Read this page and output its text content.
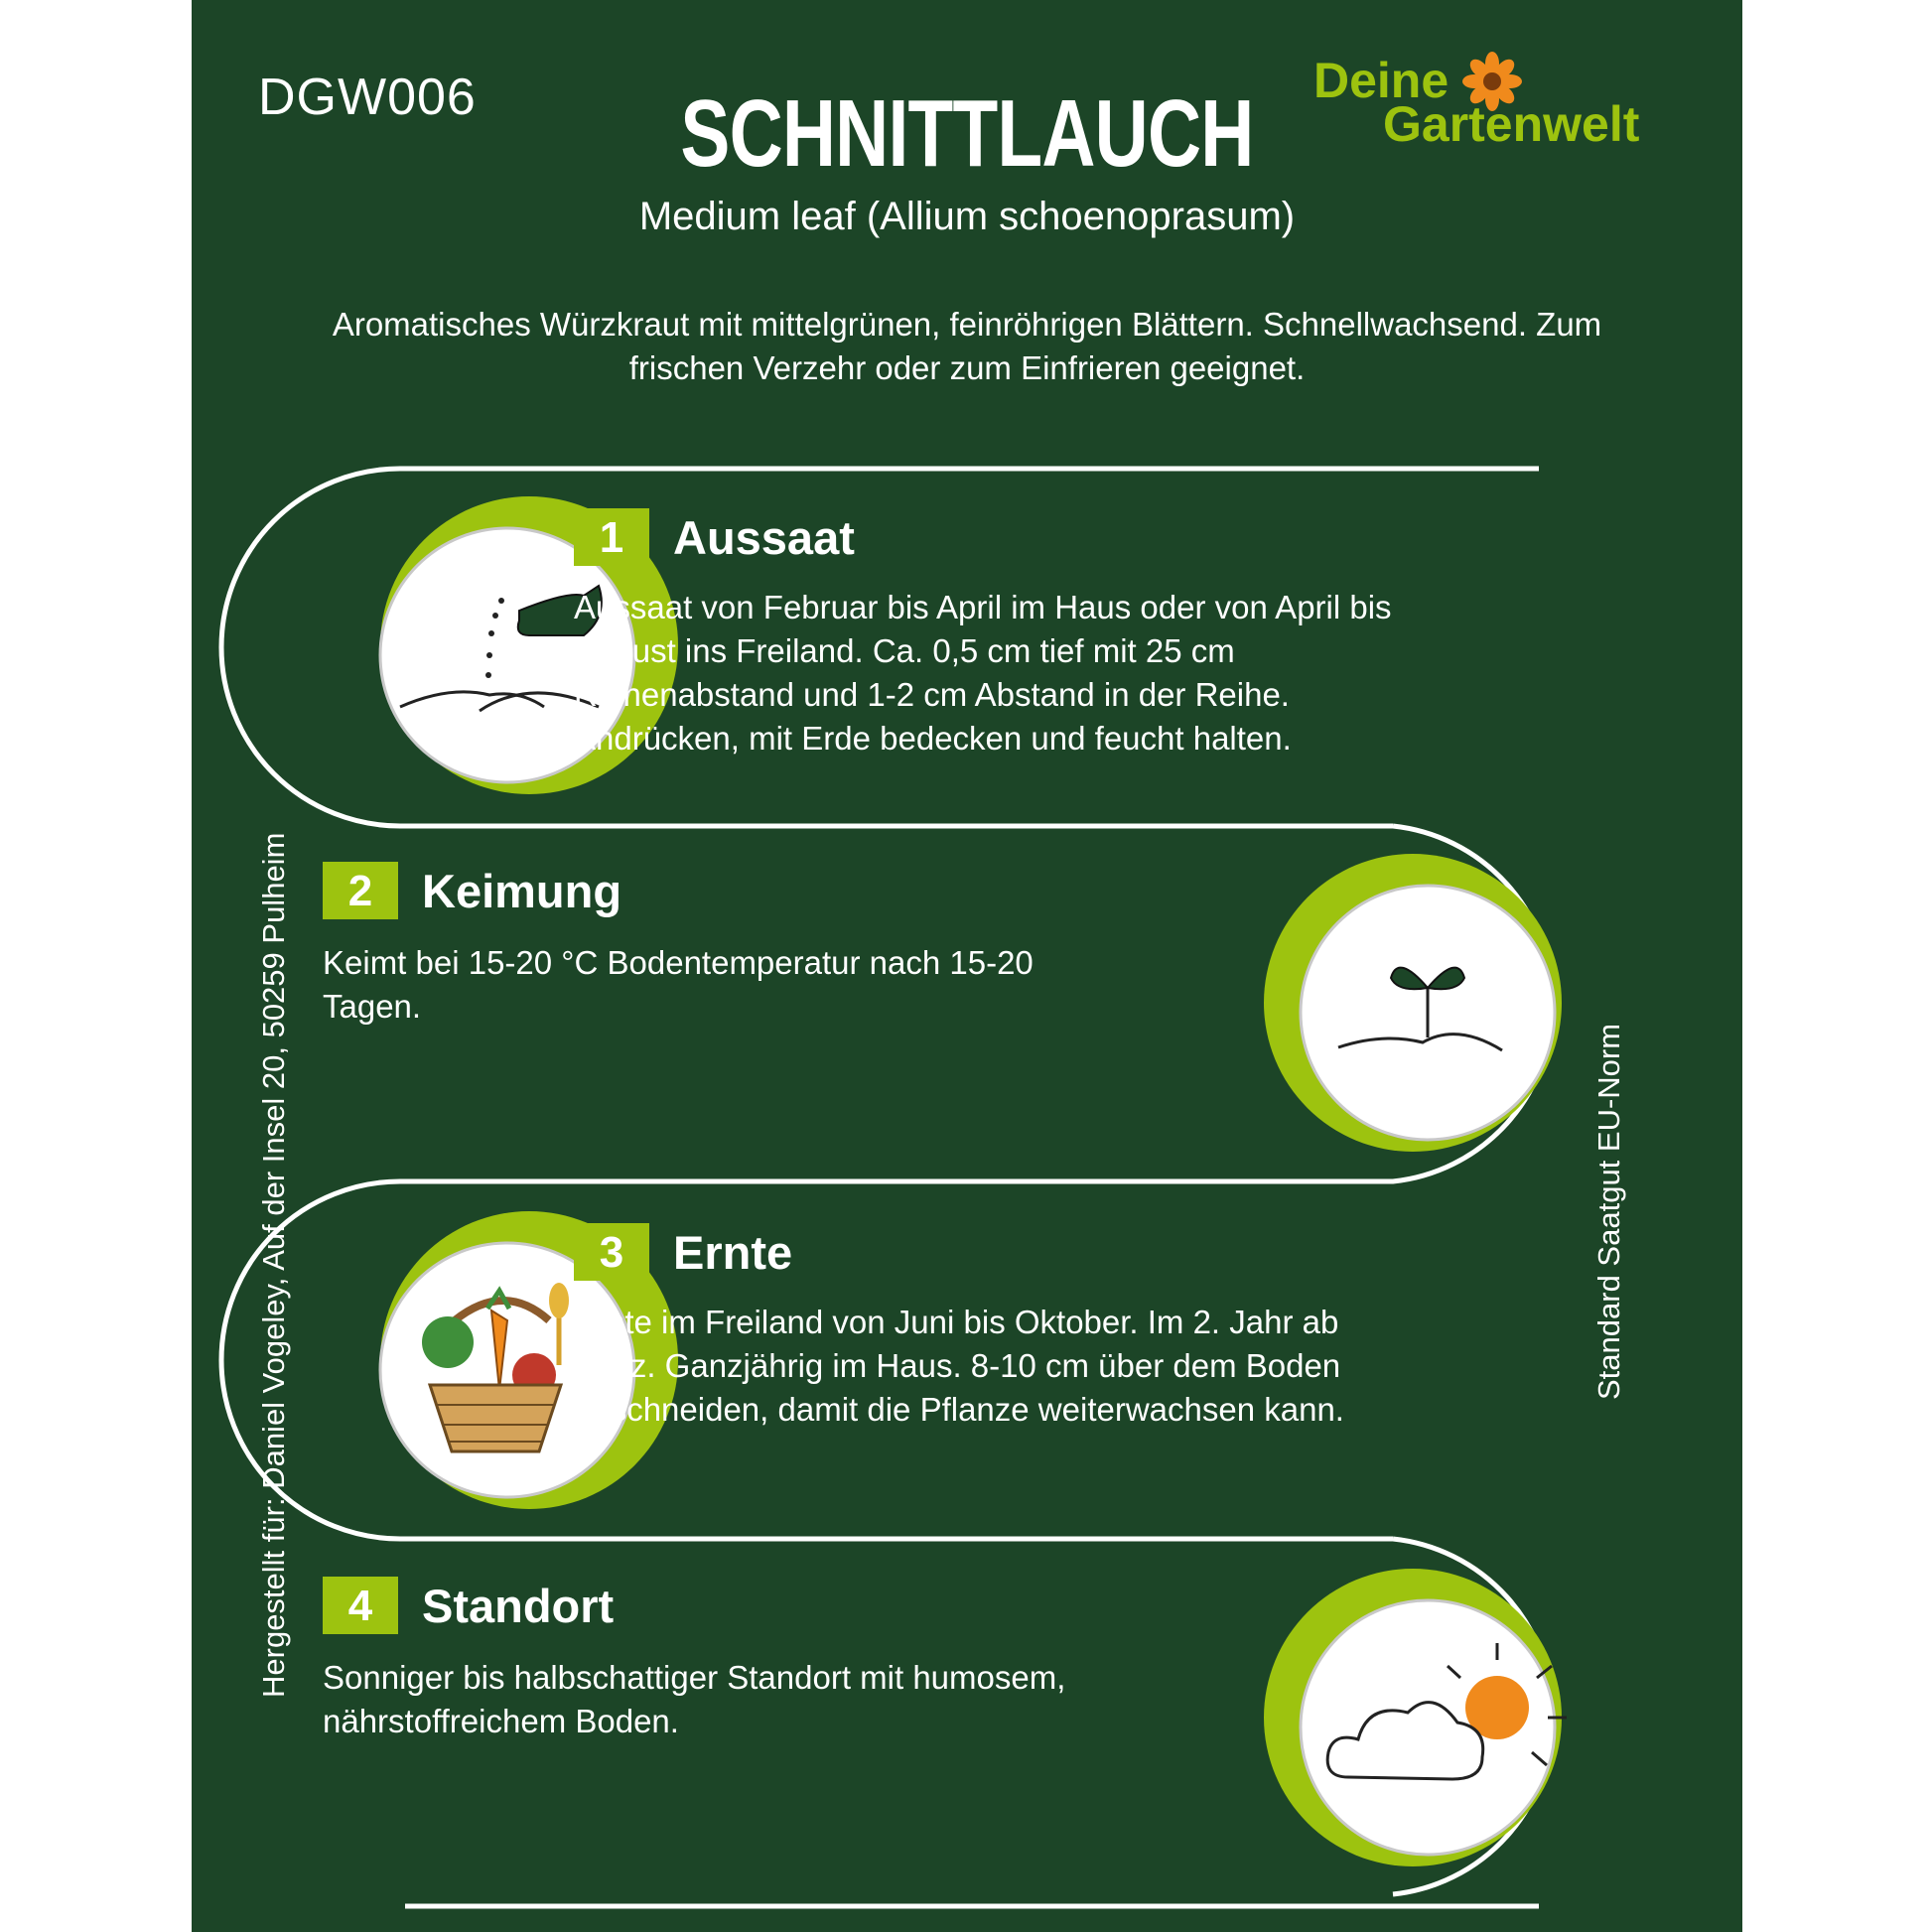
DGW006	SCHNITTLAUCH
Medium leaf (Allium schoenoprasum)
Aromatisches Würzkraut mit mittelgrünen, feinröhrigen Blättern. Schnellwachsend. Zum frischen Verzehr oder zum Einfrieren geeignet.
Deine
Gartenwelt
Hergestellt für: Daniel Vogeley, Auf der Insel 20, 50259 Pulheim	Standard Saatgut EU-Norm
1	Aussaat
Aussaat von Februar bis April im Haus oder von April bis August ins Freiland. Ca. 0,5 cm tief mit 25 cm Reihenabstand und 1-2 cm Abstand in der Reihe. Andrücken, mit Erde bedecken und feucht halten.
2	Keimung
Keimt bei 15-20 °C Bodentemperatur nach 15-20 Tagen.
3	Ernte
Ernte im Freiland von Juni bis Oktober. Im 2. Jahr ab März. Ganzjährig im Haus. 8-10 cm über dem Boden abschneiden, damit die Pflanze weiterwachsen kann.
4	Standort
Sonniger bis halbschattiger Standort mit humosem, nährstoffreichem Boden.
